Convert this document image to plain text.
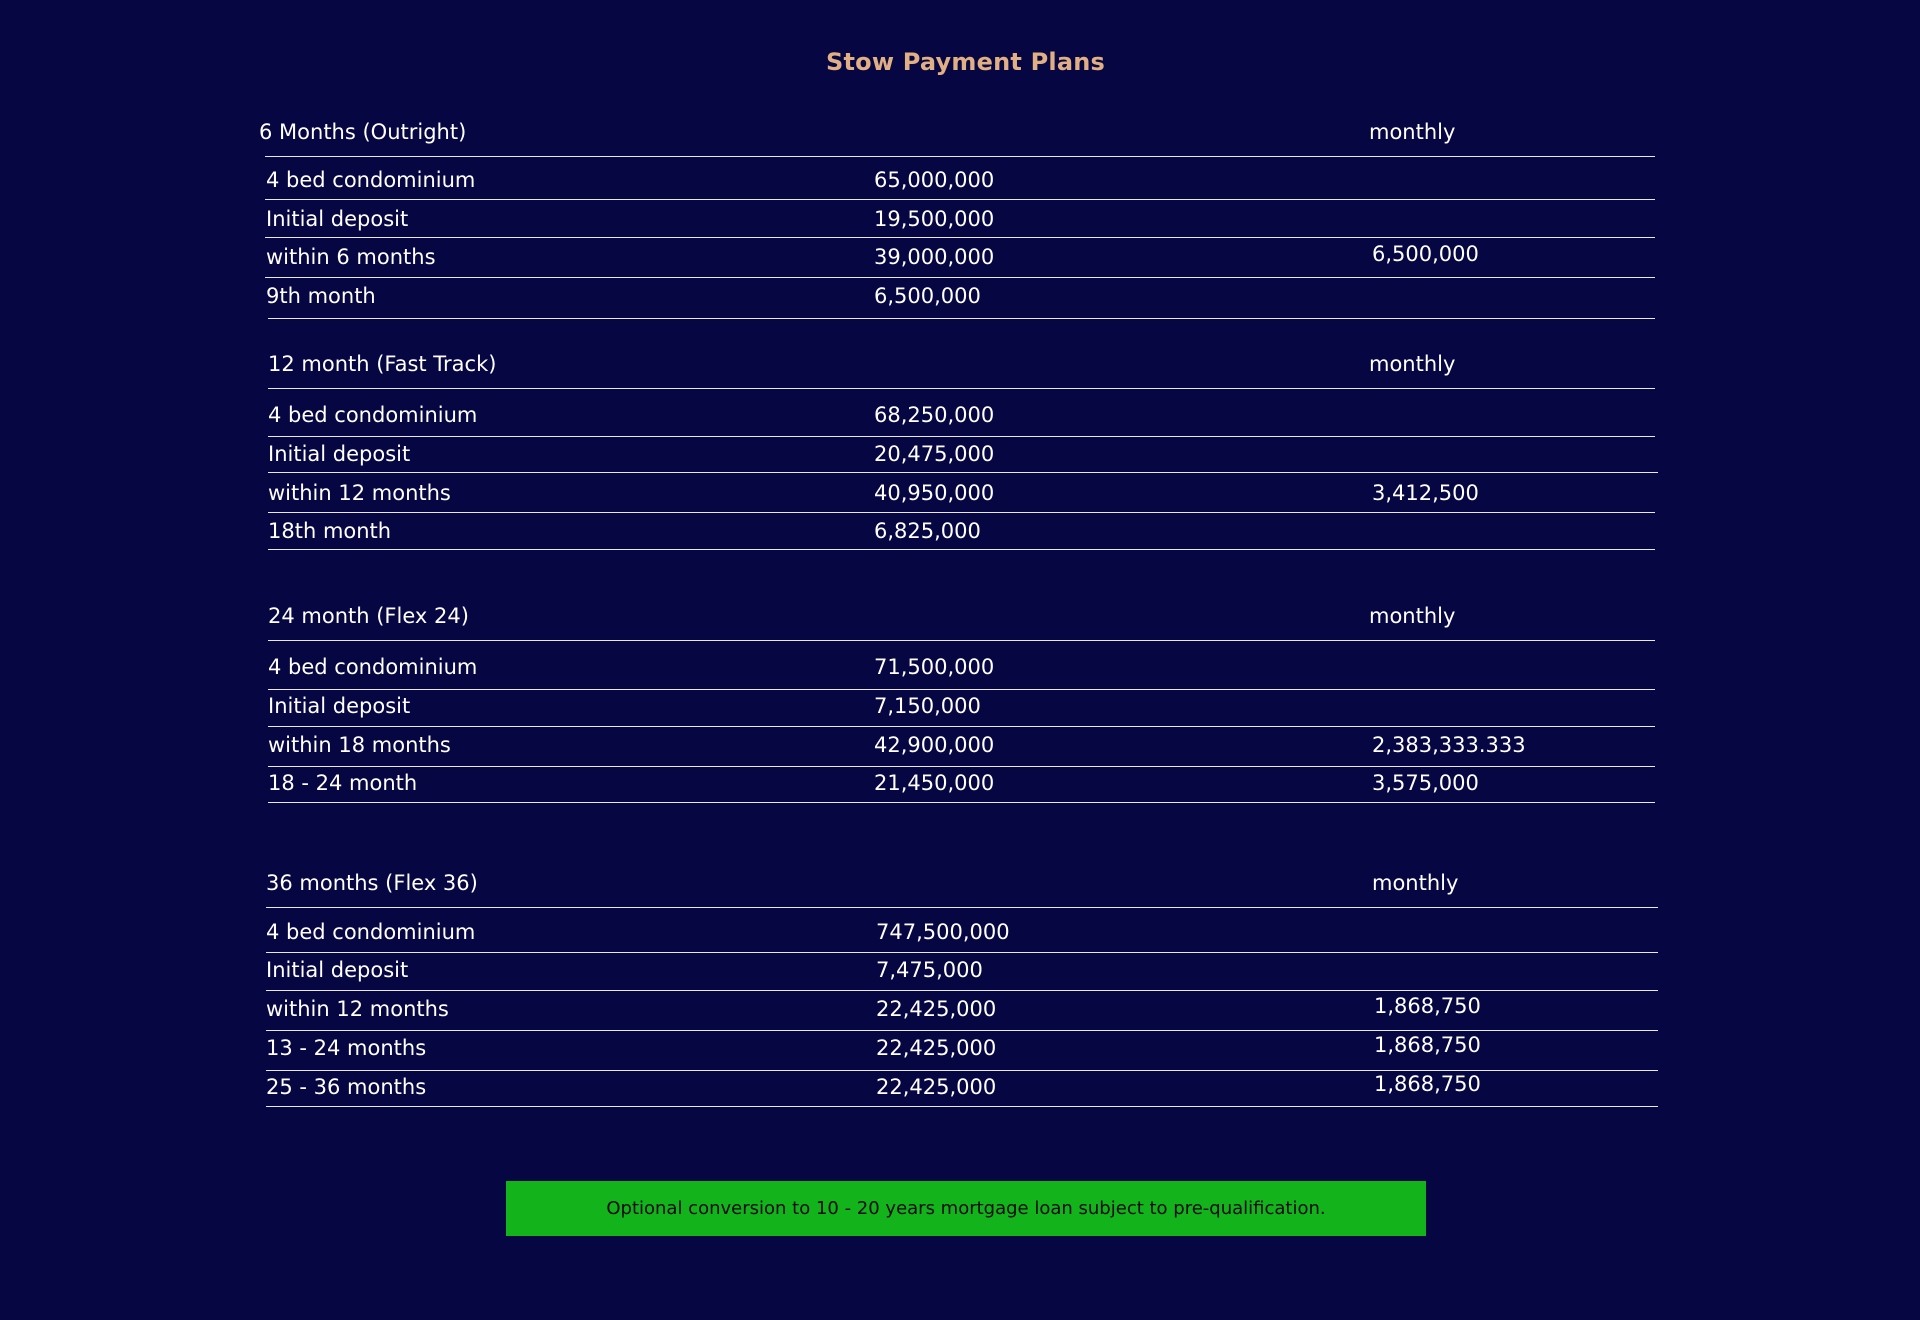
Stow Payment Plans
6 Months (Outright)	monthly
4 bed condominium	65,000,000
Initial deposit	19,500,000
within 6 months	39,000,000	6,500,000
9th month	6,500,000
12 month (Fast Track)	monthly
4 bed condominium	68,250,000
Initial deposit	20,475,000
within 12 months	40,950,000	3,412,500
18th month	6,825,000
24 month (Flex 24)	monthly
4 bed condominium	71,500,000
Initial deposit	7,150,000
within 18 months	42,900,000	2,383,333.333
18 - 24 month	21,450,000	3,575,000
36 months (Flex 36)	monthly
4 bed condominium	747,500,000
Initial deposit	7,475,000
within 12 months	22,425,000	1,868,750
13 - 24 months	22,425,000	1,868,750
25 - 36 months	22,425,000	1,868,750
Optional conversion to 10 - 20 years mortgage loan subject to pre-qualification.
